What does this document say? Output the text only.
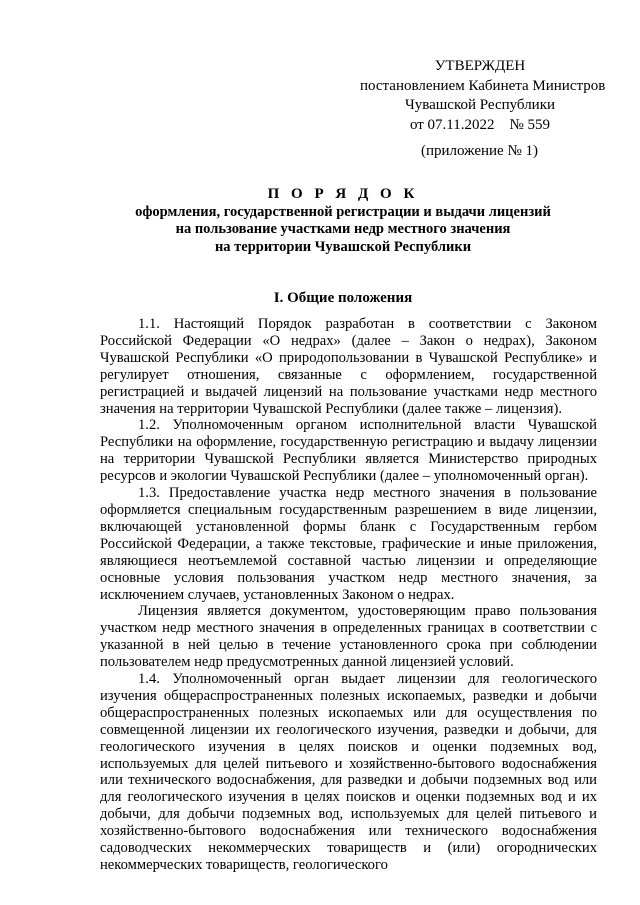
УТВЕРЖДЕН
постановлением Кабинета Министров
Чувашской Республики
от 07.11.2022    № 559
(приложение № 1)
П О Р Я Д О К
оформления, государственной регистрации и выдачи лицензий
на пользование участками недр местного значения
на территории Чувашской Республики
I. Общие положения

1.1. Настоящий Порядок разработан в соответствии с Законом Российской Федерации «О недрах» (далее – Закон о недрах), Законом Чувашской Республики «О природопользовании в Чувашской Республике» и регулирует отношения, связанные с оформлением, государственной регистрацией и выдачей лицензий на пользование участками недр местного значения на территории Чувашской Республики (далее также – лицензия).

1.2. Уполномоченным органом исполнительной власти Чувашской Республики на оформление, государственную регистрацию и выдачу лицензии на территории Чувашской Республики является Министерство природных ресурсов и экологии Чувашской Республики (далее – уполномоченный орган).

1.3. Предоставление участка недр местного значения в пользование оформляется специальным государственным разрешением в виде лицензии, включающей установленной формы бланк с Государственным гербом Российской Федерации, а также текстовые, графические и иные приложения, являющиеся неотъемлемой составной частью лицензии и определяющие основные условия пользования участком недр местного значения, за исключением случаев, установленных Законом о недрах.

Лицензия является документом, удостоверяющим право пользования участком недр местного значения в определенных границах в соответствии с указанной в ней целью в течение установленного срока при соблюдении пользователем недр предусмотренных данной лицензией условий.

1.4. Уполномоченный орган выдает лицензии для геологического изучения общераспространенных полезных ископаемых, разведки и добычи общераспространенных полезных ископаемых или для осуществления по совмещенной лицензии их геологического изучения, разведки и добычи, для геологического изучения в целях поисков и оценки подземных вод, используемых для целей питьевого и хозяйственно-бытового водоснабжения или технического водоснабжения, для разведки и добычи подземных вод или для геологического изучения в целях поисков и оценки подземных вод и их добычи, для добычи подземных вод, используемых для целей питьевого и хозяйственно-бытового водоснабжения или технического водоснабжения садоводческих некоммерческих товариществ и (или) огороднических некоммерческих товариществ, геологического
